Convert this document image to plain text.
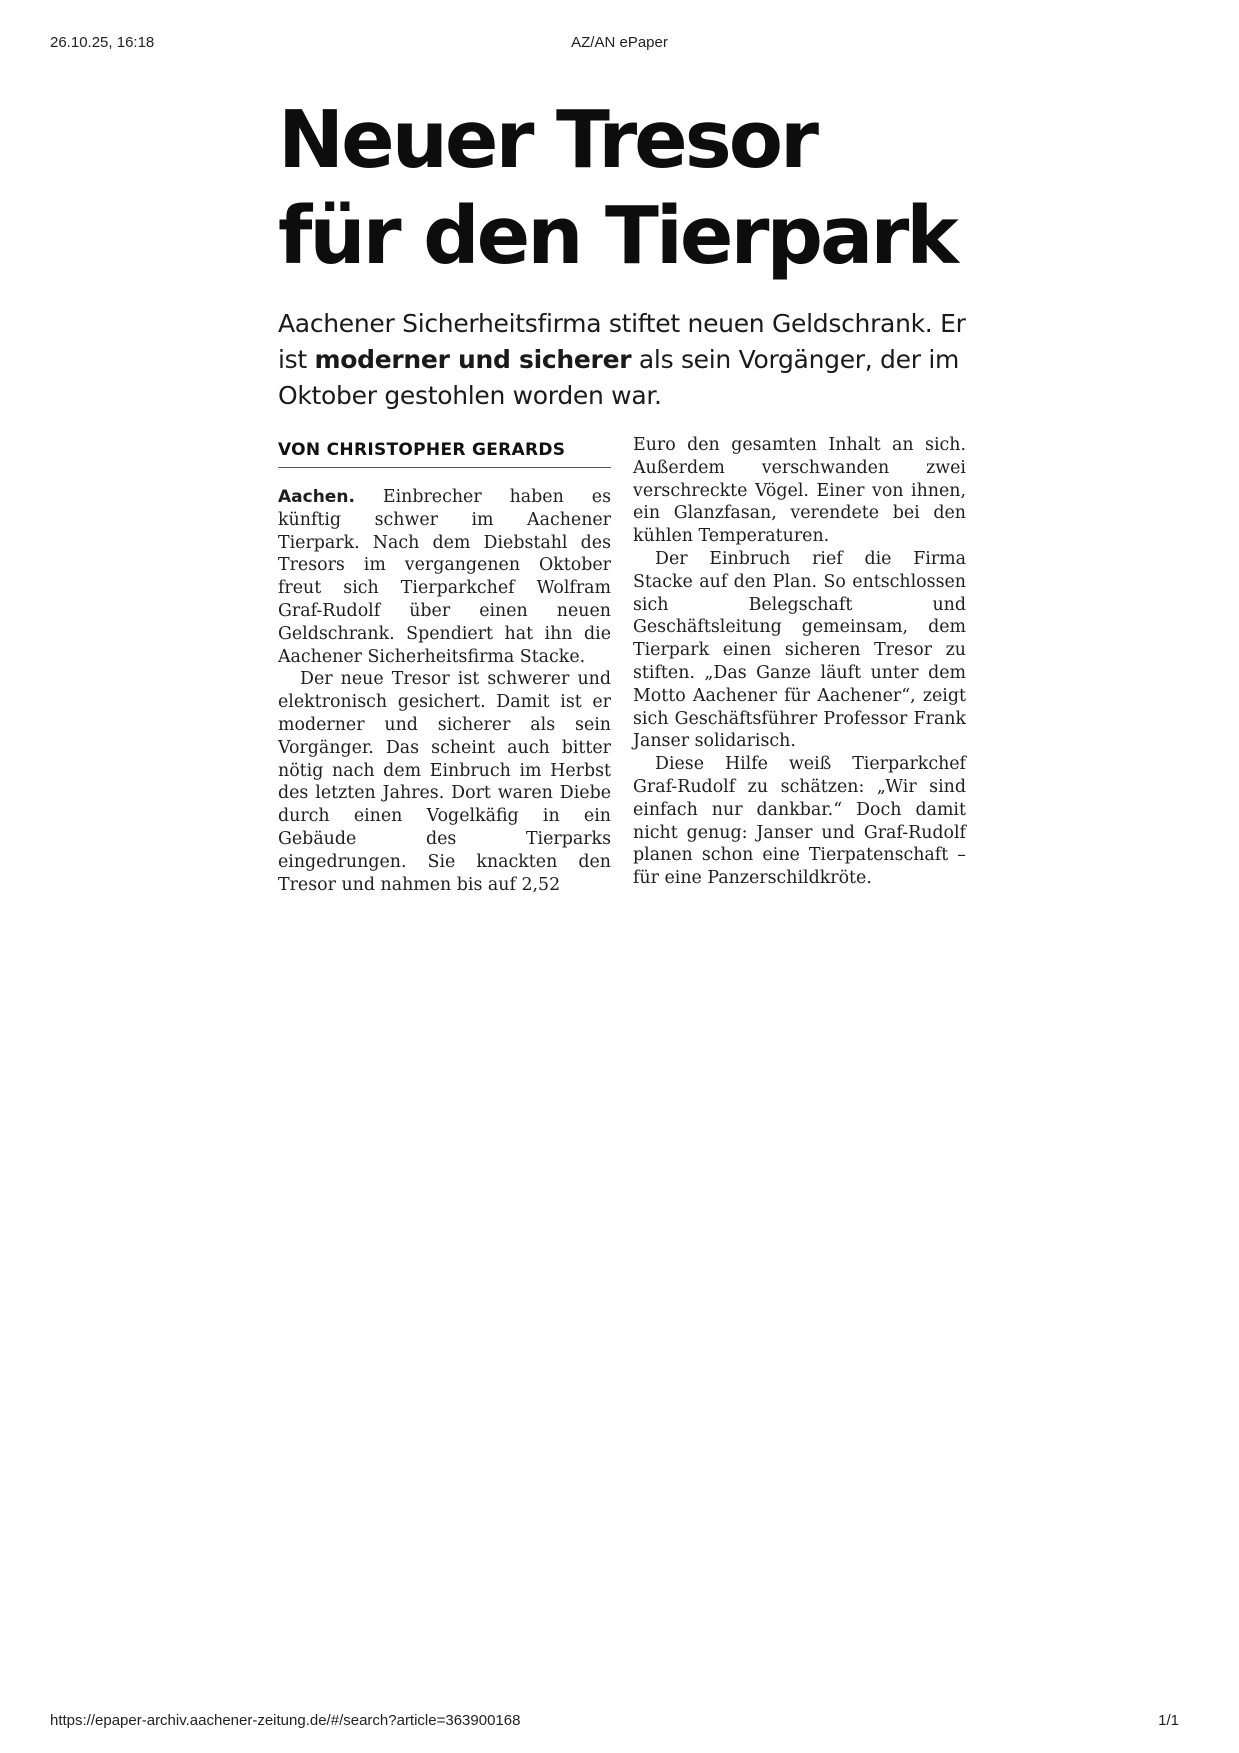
26.10.25, 16:18	AZ/AN ePaper
Neuer Tresor
für den Tierpark

Aachener Sicherheitsfirma stiftet neuen Geldschrank. Er ist moderner und sicherer als sein Vorgänger, der im Oktober gestohlen worden war.

VON CHRISTOPHER GERARDS

Aachen. Einbrecher haben es künftig schwer im Aachener Tierpark. Nach dem Diebstahl des Tresors im vergangenen Oktober freut sich Tierparkchef Wolfram Graf-Rudolf über einen neuen Geldschrank. Spendiert hat ihn die Aachener Sicherheitsfirma Stacke.

Der neue Tresor ist schwerer und elektronisch gesichert. Damit ist er moderner und sicherer als sein Vorgänger. Das scheint auch bitter nötig nach dem Einbruch im Herbst des letzten Jahres. Dort waren Diebe durch einen Vogelkäfig in ein Gebäude des Tierparks eingedrungen. Sie knackten den Tresor und nahmen bis auf 2,52

Euro den gesamten Inhalt an sich. Außerdem verschwanden zwei verschreckte Vögel. Einer von ihnen, ein Glanzfasan, verendete bei den kühlen Temperaturen.

Der Einbruch rief die Firma Stacke auf den Plan. So entschlossen sich Belegschaft und Geschäftsleitung gemeinsam, dem Tierpark einen sicheren Tresor zu stiften. „Das Ganze läuft unter dem Motto Aachener für Aachener“, zeigt sich Geschäftsführer Professor Frank Janser solidarisch.

Diese Hilfe weiß Tierparkchef Graf-Rudolf zu schätzen: „Wir sind einfach nur dankbar.“ Doch damit nicht genug: Janser und Graf-Rudolf planen schon eine Tierpatenschaft – für eine Panzerschildkröte.

https://epaper-archiv.aachener-zeitung.de/#/search?article=363900168	1/1
